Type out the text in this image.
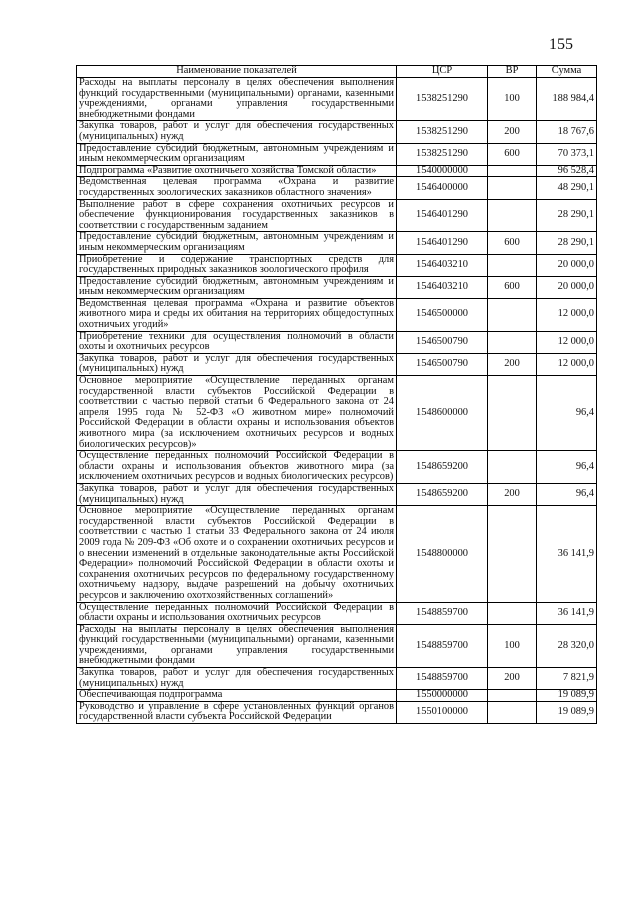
155
Наименование показателей	ЦСР	ВР	Сумма
Расходы на выплаты персоналу в целях обеспечения выполнения функций государственными (муниципальными) органами, казенными учреждениями, органами управления государственными внебюджетными фондами	1538251290	100	188 984,4
Закупка товаров, работ и услуг для обеспечения государственных (муниципальных) нужд	1538251290	200	18 767,6
Предоставление субсидий бюджетным, автономным учреждениям и иным некоммерческим организациям	1538251290	600	70 373,1
Подпрограмма «Развитие охотничьего хозяйства Томской области»	1540000000		96 528,4
Ведомственная целевая программа «Охрана и развитие государственных зоологических заказников областного значения»	1546400000		48 290,1
Выполнение работ в сфере сохранения охотничьих ресурсов и обеспечение функционирования государственных заказников в соответствии с государственным заданием	1546401290		28 290,1
Предоставление субсидий бюджетным, автономным учреждениям и иным некоммерческим организациям	1546401290	600	28 290,1
Приобретение и содержание транспортных средств для государственных природных заказников зоологического профиля	1546403210		20 000,0
Предоставление субсидий бюджетным, автономным учреждениям и иным некоммерческим организациям	1546403210	600	20 000,0
Ведомственная целевая программа «Охрана и развитие объектов животного мира и среды их обитания на территориях общедоступных охотничьих угодий»	1546500000		12 000,0
Приобретение техники для осуществления полномочий в области охоты и охотничьих ресурсов	1546500790		12 000,0
Закупка товаров, работ и услуг для обеспечения государственных (муниципальных) нужд	1546500790	200	12 000,0
Основное мероприятие «Осуществление переданных органам государственной власти субъектов Российской Федерации в соответствии с частью первой статьи 6 Федерального закона от 24 апреля 1995 года № 52-ФЗ «О животном мире» полномочий Российской Федерации в области охраны и использования объектов животного мира (за исключением охотничьих ресурсов и водных биологических ресурсов)»	1548600000		96,4
Осуществление переданных полномочий Российской Федерации в области охраны и использования объектов животного мира (за исключением охотничьих ресурсов и водных биологических ресурсов)	1548659200		96,4
Закупка товаров, работ и услуг для обеспечения государственных (муниципальных) нужд	1548659200	200	96,4
Основное мероприятие «Осуществление переданных органам государственной власти субъектов Российской Федерации в соответствии с частью 1 статьи 33 Федерального закона от 24 июля 2009 года № 209-ФЗ «Об охоте и о сохранении охотничьих ресурсов и о внесении изменений в отдельные законодательные акты Российской Федерации» полномочий Российской Федерации в области охоты и сохранения охотничьих ресурсов по федеральному государственному охотничьему надзору, выдаче разрешений на добычу охотничьих ресурсов и заключению охотхозяйственных соглашений»	1548800000		36 141,9
Осуществление переданных полномочий Российской Федерации в области охраны и использования охотничьих ресурсов	1548859700		36 141,9
Расходы на выплаты персоналу в целях обеспечения выполнения функций государственными (муниципальными) органами, казенными учреждениями, органами управления государственными внебюджетными фондами	1548859700	100	28 320,0
Закупка товаров, работ и услуг для обеспечения государственных (муниципальных) нужд	1548859700	200	7 821,9
Обеспечивающая подпрограмма	1550000000		19 089,9
Руководство и управление в сфере установленных функций органов государственной власти субъекта Российской Федерации	1550100000		19 089,9
